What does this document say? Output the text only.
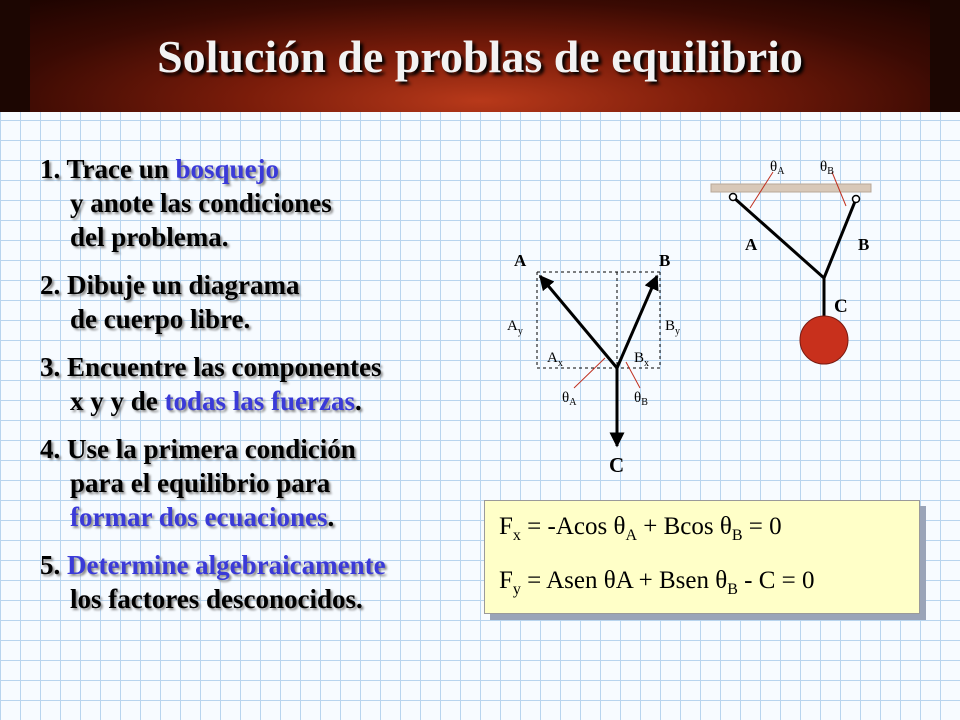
Solución de problas de equilibrio
1. Trace un bosquejo
y anote las condiciones
del problema.
2. Dibuje un diagrama
de cuerpo libre.
3. Encuentre las componentes
x y y de todas las fuerzas.
4. Use la primera condición
para el equilibrio para
formar dos ecuaciones.
5. Determine algebraicamente
los factores desconocidos.
A	B
C
$A_y$	$B_y$
$A_x$	$B_x$
$\theta_A$	$\theta_B$
$\theta_A$ $\theta_B$
A	B
C
$F_x = -Acos$ $\theta_A + Bcos$ $\theta_B = 0$
$F_y$ = Asen θA + Bsen $\theta_B - C = 0$
